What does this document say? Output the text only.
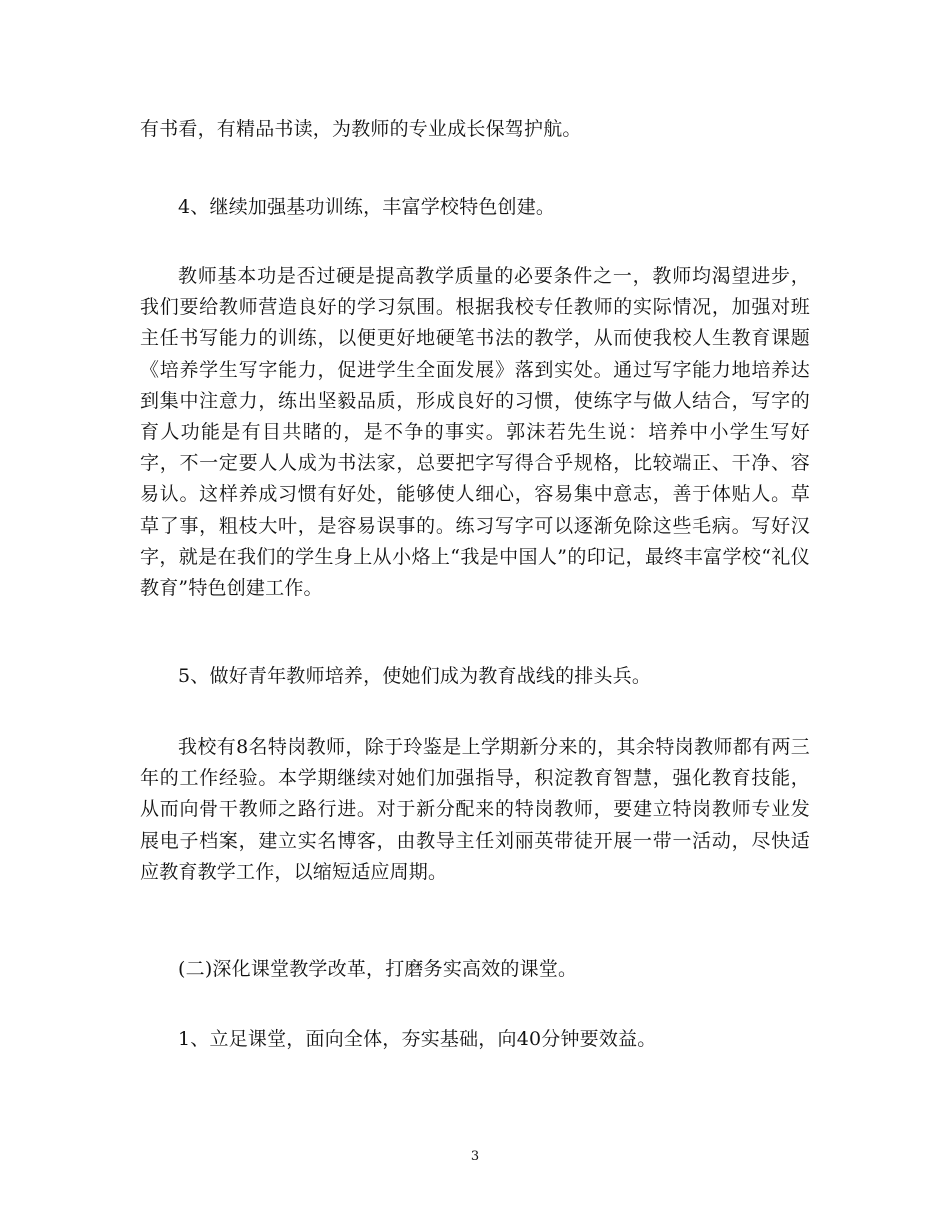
有书看，有精品书读，为教师的专业成长保驾护航。

4、继续加强基功训练，丰富学校特色创建。

教师基本功是否过硬是提高教学质量的必要条件之一，教师均渴望进步，我们要给教师营造良好的学习氛围。根据我校专任教师的实际情况，加强对班主任书写能力的训练，以便更好地硬笔书法的教学，从而使我校人生教育课题《培养学生写字能力，促进学生全面发展》落到实处。通过写字能力地培养达到集中注意力，练出坚毅品质，形成良好的习惯，使练字与做人结合，写字的育人功能是有目共睹的，是不争的事实。郭沫若先生说：培养中小学生写好字，不一定要人人成为书法家，总要把字写得合乎规格，比较端正、干净、容易认。这样养成习惯有好处，能够使人细心，容易集中意志，善于体贴人。草草了事，粗枝大叶，是容易误事的。练习写字可以逐渐免除这些毛病。写好汉字，就是在我们的学生身上从小烙上“我是中国人”的印记，最终丰富学校“礼仪教育”特色创建工作。

5、做好青年教师培养，使她们成为教育战线的排头兵。

我校有8名特岗教师，除于玲鉴是上学期新分来的，其余特岗教师都有两三年的工作经验。本学期继续对她们加强指导，积淀教育智慧，强化教育技能，从而向骨干教师之路行进。对于新分配来的特岗教师，要建立特岗教师专业发展电子档案，建立实名博客，由教导主任刘丽英带徒开展一带一活动，尽快适应教育教学工作，以缩短适应周期。

(二)深化课堂教学改革，打磨务实高效的课堂。

1、立足课堂，面向全体，夯实基础，向40分钟要效益。

3
